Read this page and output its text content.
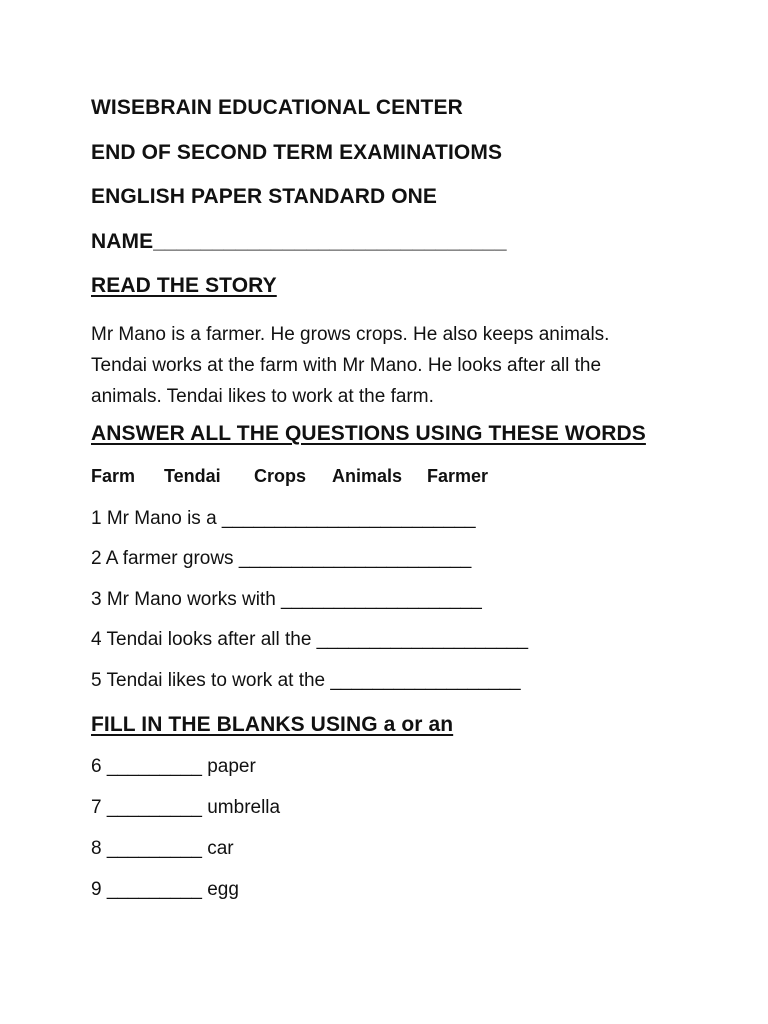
WISEBRAIN EDUCATIONAL CENTER
END OF SECOND TERM EXAMINATIOMS
ENGLISH PAPER STANDARD ONE
NAME______________________________
READ THE STORY

Mr Mano is a farmer. He grows crops. He also keeps animals.

Tendai works at the farm with Mr Mano. He looks after all the

animals. Tendai likes to work at the farm.

ANSWER ALL THE QUESTIONS USING THESE WORDS
Farm Tendai Crops Animals Farmer
1 Mr Mano is a ________________________
2 A farmer grows ______________________
3 Mr Mano works with ___________________
4 Tendai looks after all the ____________________
5 Tendai likes to work at the __________________
FILL IN THE BLANKS USING a or an
6 _________ paper
7 _________ umbrella
8 _________ car
9 _________ egg
